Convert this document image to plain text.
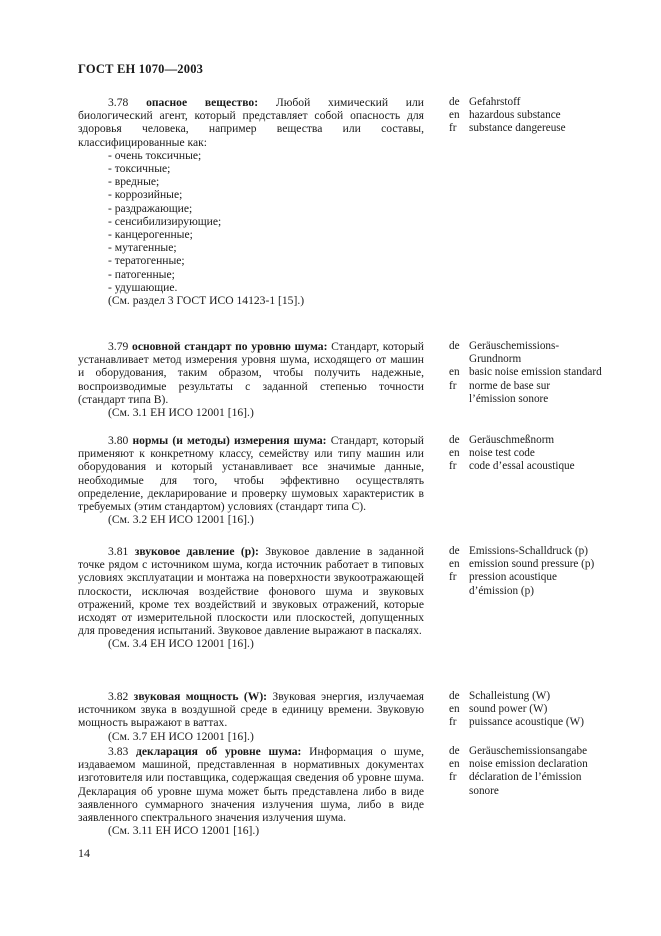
ГОСТ ЕН 1070—2003

3.78 опасное вещество: Любой химический или биологический агент, который представляет собой опасность для здоровья человека, например вещества или составы, классифицированные как:

- очень токсичные;
- токсичные;
- вредные;
- коррозийные;
- раздражающие;
- сенсибилизирующие;
- канцерогенные;
- мутагенные;
- тератогенные;
- патогенные;
- удушающие.

(См. раздел 3 ГОСТ ИСО 14123-1 [15].)

de Gefahrstoff
en hazardous substance
fr	substance dangereuse

3.79 основной стандарт по уровню шума: Стандарт, который устанавливает метод измерения уровня шума, исходящего от машин и оборудования, таким образом, чтобы получить надежные, воспроизводимые результаты с заданной степенью точности (стандарт типа В).

(См. 3.1 ЕН ИСО 12001 [16].)

de Geräuschemissions-
Grundnorm
en basic noise emission standard
fr	norme de base sur
l’émission sonore

3.80 нормы (и методы) измерения шума: Стандарт, который применяют к конкретному классу, семейству или типу машин или оборудования и который устанавливает все значимые данные, необходимые для того, чтобы эффективно осуществлять определение, декларирование и проверку шумовых характеристик в требуемых (этим стандартом) условиях (стандарт типа С).

(См. 3.2 ЕН ИСО 12001 [16].)

de Geräuschmeßnorm
en noise test code
fr	code d’essal acoustique

3.81 звуковое давление (p): Звуковое давление в заданной точке рядом с источником шума, когда источник работает в типовых условиях эксплуатации и монтажа на поверхности звукоотражающей плоскости, исключая воздействие фонового шума и звуковых отражений, кроме тех воздействий и звуковых отражений, которые исходят от измерительной плоскости или плоскостей, допущенных для проведения испытаний. Звуковое давление выражают в паскалях.

(См. 3.4 ЕН ИСО 12001 [16].)

de Emissions-Schalldruck (p)
en emission sound pressure (p)
fr	pression acoustique
d’émission (p)

3.82 звуковая мощность (W): Звуковая энергия, излучаемая источником звука в воздушной среде в единицу времени. Звуковую мощность выражают в ваттах.

(См. 3.7 ЕН ИСО 12001 [16].)

de Schalleistung (W)
en sound power (W)
fr	puissance acoustique (W)

3.83 декларация об уровне шума: Информация о шуме, издаваемом машиной, представленная в нормативных документах изготовителя или поставщика, содержащая сведения об уровне шума. Декларация об уровне шума может быть представлена либо в виде заявленного суммарного значения излучения шума, либо в виде заявленного спектрального значения излучения шума.

(См. 3.11 ЕН ИСО 12001 [16].)

de Geräuschemissionsangabe
en noise emission declaration
fr	déclaration de l’émission
sonore
14
